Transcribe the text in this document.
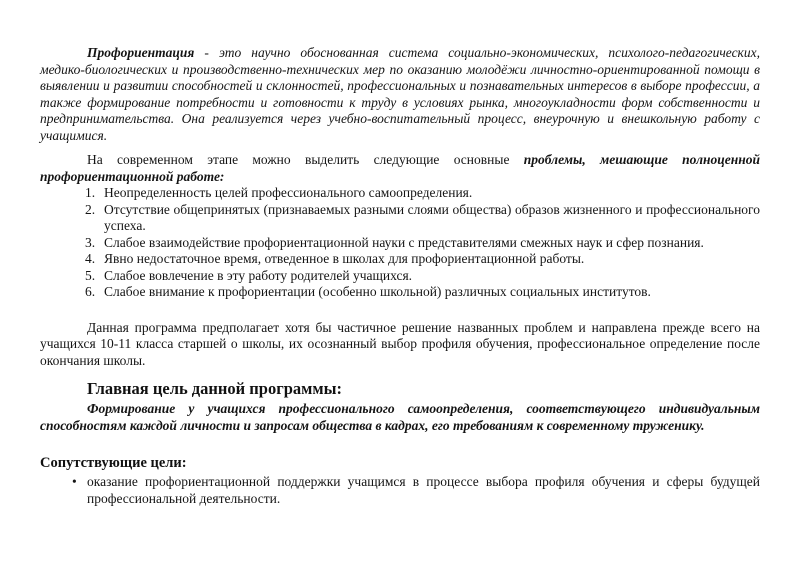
Профориентация - это научно обоснованная система социально-экономических, психолого-педагогических, медико-биологических и производственно-технических мер по оказанию молодёжи личностно-ориентированной помощи в выявлении и развитии способностей и склонностей, профессиональных и познавательных интересов в выборе профессии, а также формирование потребности и готовности к труду в условиях рынка, многоукладности форм собственности и предпринимательства. Она реализуется через учебно-воспитательный процесс, внеурочную и внешкольную работу с учащимися.

На современном этапе можно выделить следующие основные проблемы, мешающие полноценной профориентационной работе:

Неопределенность целей профессионального самоопределения.
Отсутствие общепринятых (признаваемых разными слоями общества) образов жизненного и профессионального успеха.
Слабое взаимодействие профориентационной науки с представителями смежных наук и сфер познания.
Явно недостаточное время, отведенное в школах для профориентационной работы.
Слабое вовлечение в эту работу родителей учащихся.
Слабое внимание к профориентации (особенно школьной) различных социальных институтов.

Данная программа предполагает хотя бы частичное решение названных проблем и направлена прежде всего на учащихся 10-11 класса старшей о школы, их осознанный выбор профиля обучения, профессиональное определение после окончания школы.

Главная цель данной программы:

Формирование у учащихся профессионального самоопределения, соответствующего индивидуальным способностям каждой личности и запросам общества в кадрах, его требованиям к современному труженику.

Сопутствующие цели:
• оказание профориентационной поддержки учащимся в процессе выбора профиля обучения и сферы будущей профессиональной деятельности.
